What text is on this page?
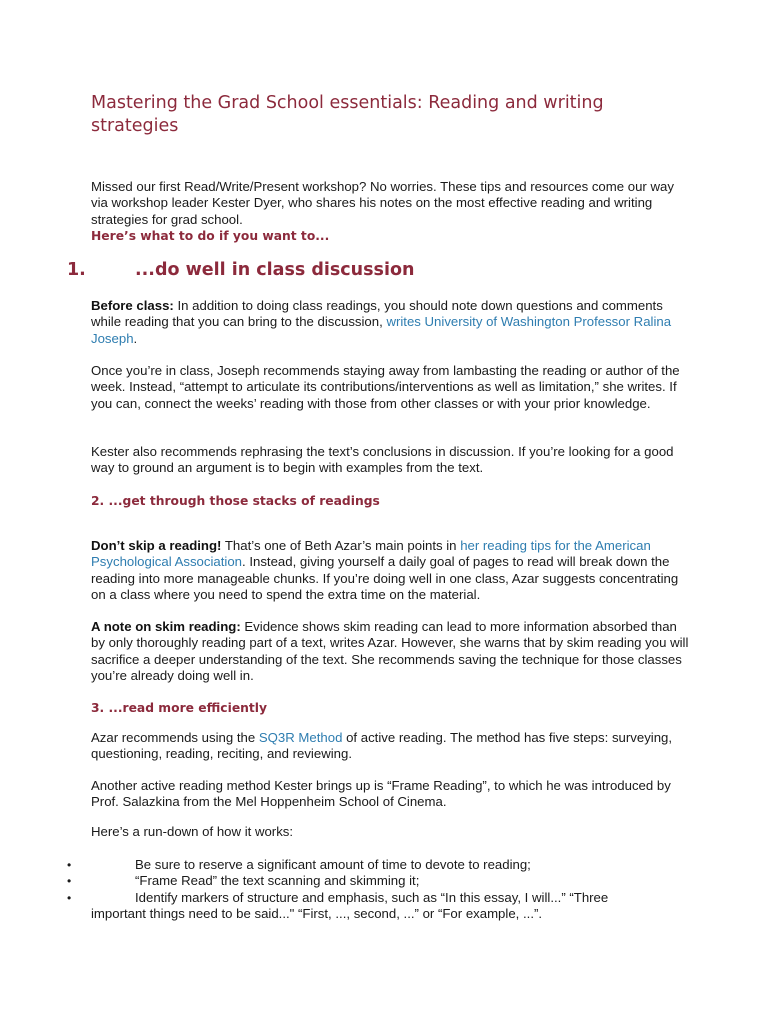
Mastering the Grad School essentials: Reading and writing strategies

Missed our first Read/Write/Present workshop? No worries. These tips and resources come our way via workshop leader Kester Dyer, who shares his notes on the most effective reading and writing strategies for grad school.

Here’s what to do if you want to...

1.	...do well in class discussion

Before class: In addition to doing class readings, you should note down questions and comments while reading that you can bring to the discussion, writes University of Washington Professor Ralina Joseph.

Once you’re in class, Joseph recommends staying away from lambasting the reading or author of the week. Instead, “attempt to articulate its contributions/interventions as well as limitation,” she writes. If you can, connect the weeks’ reading with those from other classes or with your prior knowledge.

Kester also recommends rephrasing the text’s conclusions in discussion. If you’re looking for a good way to ground an argument is to begin with examples from the text.

2. ...get through those stacks of readings

Don’t skip a reading! That’s one of Beth Azar’s main points in her reading tips for the American Psychological Association. Instead, giving yourself a daily goal of pages to read will break down the reading into more manageable chunks. If you’re doing well in one class, Azar suggests concentrating on a class where you need to spend the extra time on the material.

A note on skim reading: Evidence shows skim reading can lead to more information absorbed than by only thoroughly reading part of a text, writes Azar. However, she warns that by skim reading you will sacrifice a deeper understanding of the text. She recommends saving the technique for those classes you’re already doing well in.

3. ...read more efficiently

Azar recommends using the SQ3R Method of active reading. The method has five steps: surveying, questioning, reading, reciting, and reviewing.

Another active reading method Kester brings up is “Frame Reading”, to which he was introduced by Prof. Salazkina from the Mel Hoppenheim School of Cinema.

Here’s a run-down of how it works:

•	Be sure to reserve a significant amount of time to devote to reading;
•	“Frame Read” the text scanning and skimming it;
•	Identify markers of structure and emphasis, such as “In this essay, I will...” “Three important things need to be said..." “First, ..., second, ...” or “For example, ...”.
